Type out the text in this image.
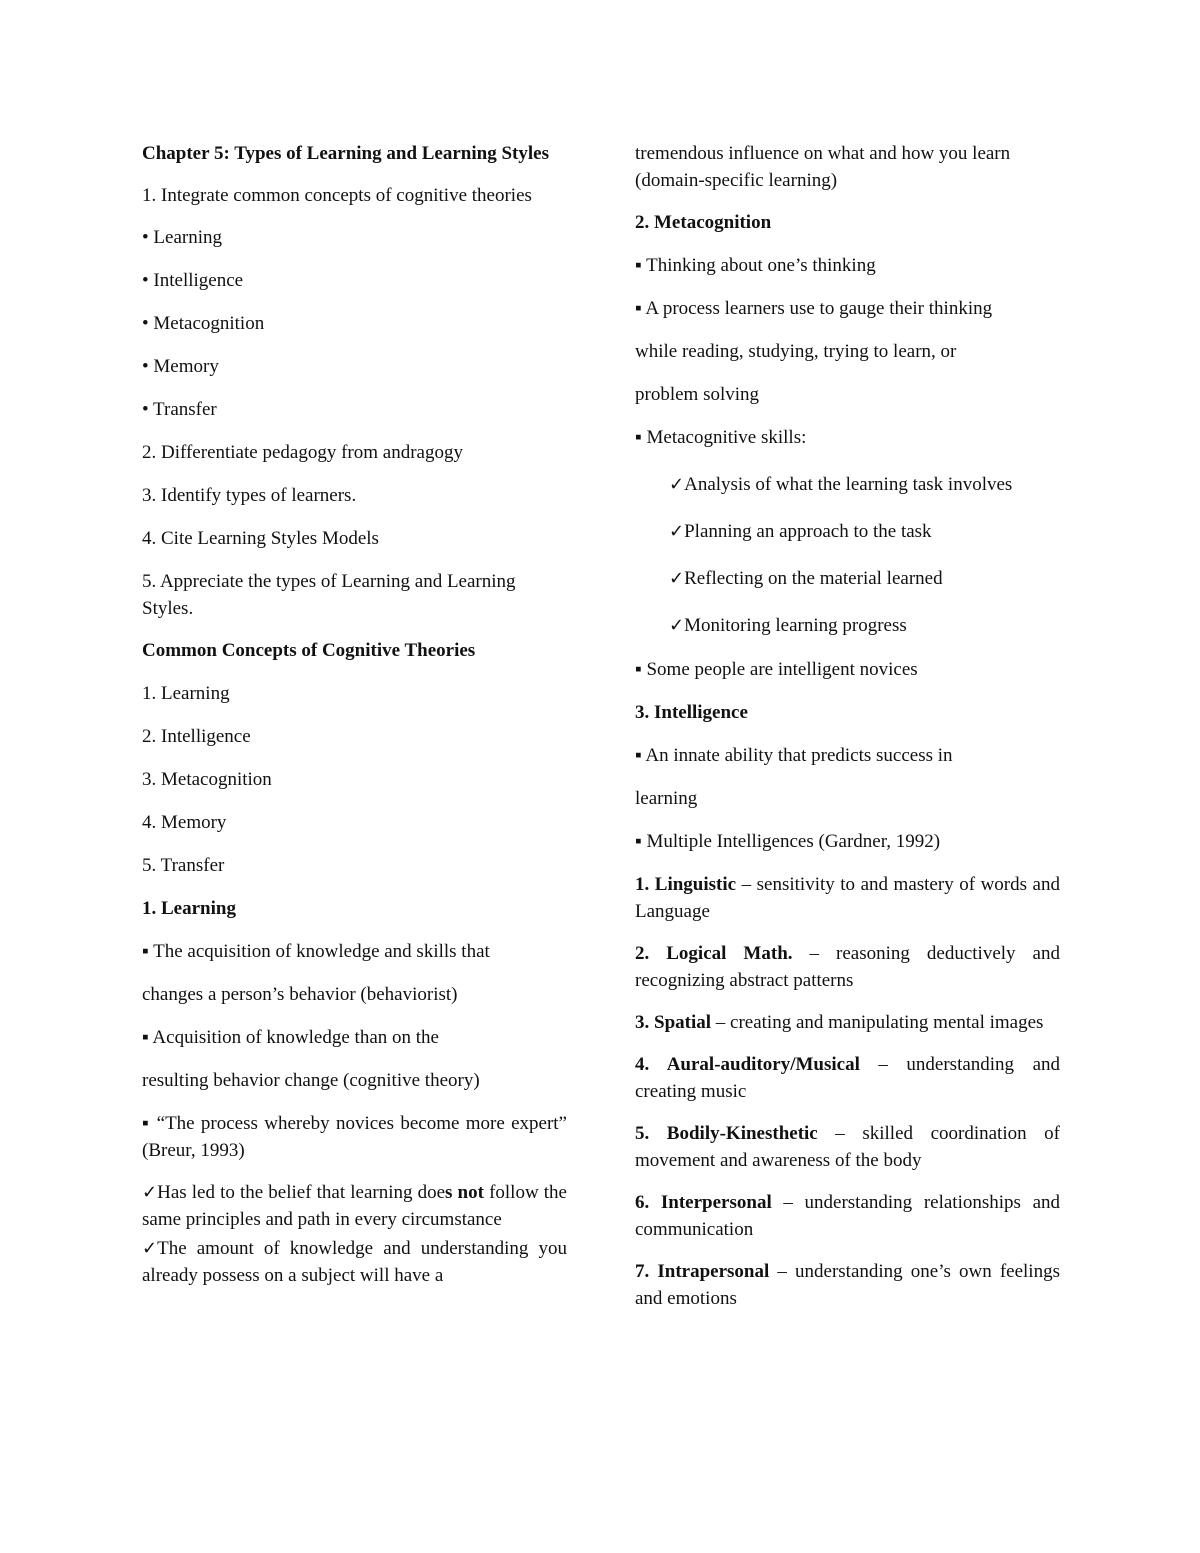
Chapter 5: Types of Learning and Learning Styles

1. Integrate common concepts of cognitive theories

• Learning

• Intelligence

• Metacognition

• Memory

• Transfer

2. Differentiate pedagogy from andragogy

3. Identify types of learners.

4. Cite Learning Styles Models

5. Appreciate the types of Learning and Learning Styles.

Common Concepts of Cognitive Theories

1. Learning

2. Intelligence

3. Metacognition

4. Memory

5. Transfer

1. Learning

▪ The acquisition of knowledge and skills that

changes a person’s behavior (behaviorist)

▪ Acquisition of knowledge than on the

resulting behavior change (cognitive theory)

▪ “The process whereby novices become more expert” (Breur, 1993)

✓Has led to the belief that learning does not follow the same principles and path in every circumstance

✓The amount of knowledge and understanding you already possess on a subject will have a

tremendous influence on what and how you learn (domain-specific learning)

2. Metacognition

▪ Thinking about one’s thinking

▪ A process learners use to gauge their thinking

while reading, studying, trying to learn, or

problem solving

▪ Metacognitive skills:

✓Analysis of what the learning task involves

✓Planning an approach to the task

✓Reflecting on the material learned

✓Monitoring learning progress

▪ Some people are intelligent novices

3. Intelligence

▪ An innate ability that predicts success in

learning

▪ Multiple Intelligences (Gardner, 1992)

1. Linguistic – sensitivity to and mastery of words and Language

2. Logical Math. – reasoning deductively and recognizing abstract patterns

3. Spatial – creating and manipulating mental images

4. Aural-auditory/Musical – understanding and creating music

5. Bodily-Kinesthetic – skilled coordination of movement and awareness of the body

6. Interpersonal – understanding relationships and communication

7. Intrapersonal – understanding one’s own feelings and emotions
